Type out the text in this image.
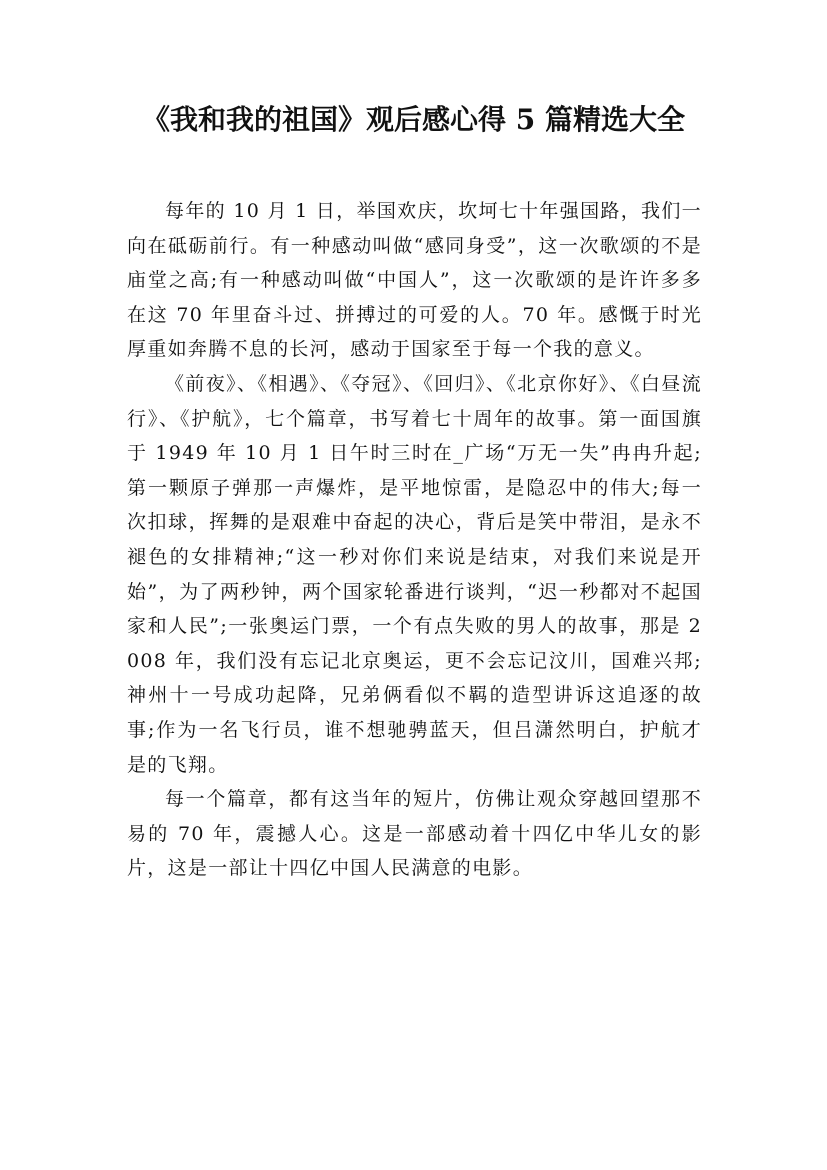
《我和我的祖国》观后感心得 5 篇精选大全

每年的 10 月 1 日，举国欢庆，坎坷七十年强国路，我们一向在砥砺前行。有一种感动叫做“感同身受”，这一次歌颂的不是庙堂之高;有一种感动叫做“中国人”，这一次歌颂的是许许多多在这 70 年里奋斗过、拼搏过的可爱的人。70 年。感慨于时光厚重如奔腾不息的长河，感动于国家至于每一个我的意义。

《前夜》、《相遇》、《夺冠》、《回归》、《北京你好》、《白昼流行》、《护航》，七个篇章，书写着七十周年的故事。第一面国旗于 1949 年 10 月 1 日午时三时在_广场“万无一失”冉冉升起;第一颗原子弹那一声爆炸，是平地惊雷，是隐忍中的伟大;每一次扣球，挥舞的是艰难中奋起的决心，背后是笑中带泪，是永不褪色的女排精神;“这一秒对你们来说是结束，对我们来说是开始”，为了两秒钟，两个国家轮番进行谈判，“迟一秒都对不起国家和人民”;一张奥运门票，一个有点失败的男人的故事，那是 2008 年，我们没有忘记北京奥运，更不会忘记汶川，国难兴邦;神州十一号成功起降，兄弟俩看似不羁的造型讲诉这追逐的故事;作为一名飞行员，谁不想驰骋蓝天，但吕潇然明白，护航才是的飞翔。

每一个篇章，都有这当年的短片，仿佛让观众穿越回望那不易的 70 年，震撼人心。这是一部感动着十四亿中华儿女的影片，这是一部让十四亿中国人民满意的电影。
